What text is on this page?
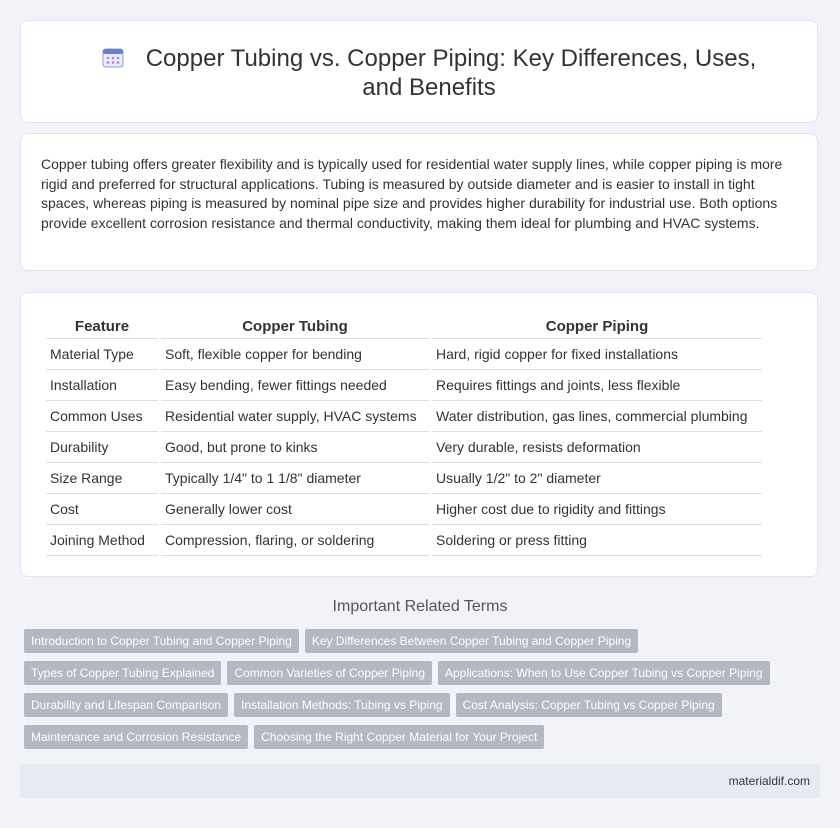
Copper Tubing vs. Copper Piping: Key Differences, Uses, and Benefits

Copper tubing offers greater flexibility and is typically used for residential water supply lines, while copper piping is more rigid and preferred for structural applications. Tubing is measured by outside diameter and is easier to install in tight spaces, whereas piping is measured by nominal pipe size and provides higher durability for industrial use. Both options provide excellent corrosion resistance and thermal conductivity, making them ideal for plumbing and HVAC systems.

Feature	Copper Tubing	Copper Piping
Material Type	Soft, flexible copper for bending	Hard, rigid copper for fixed installations
Installation	Easy bending, fewer fittings needed	Requires fittings and joints, less flexible
Common Uses	Residential water supply, HVAC systems	Water distribution, gas lines, commercial plumbing
Durability	Good, but prone to kinks	Very durable, resists deformation
Size Range	Typically 1/4" to 1 1/8" diameter	Usually 1/2" to 2" diameter
Cost	Generally lower cost	Higher cost due to rigidity and fittings
Joining Method	Compression, flaring, or soldering	Soldering or press fitting
Important Related Terms
Introduction to Copper Tubing and Copper Piping Key Differences Between Copper Tubing and Copper Piping
Types of Copper Tubing Explained Common Varieties of Copper Piping Applications: When to Use Copper Tubing vs Copper Piping
Durability and Lifespan Comparison Installation Methods: Tubing vs Piping Cost Analysis: Copper Tubing vs Copper Piping
Maintenance and Corrosion Resistance Choosing the Right Copper Material for Your Project
materialdif.com
